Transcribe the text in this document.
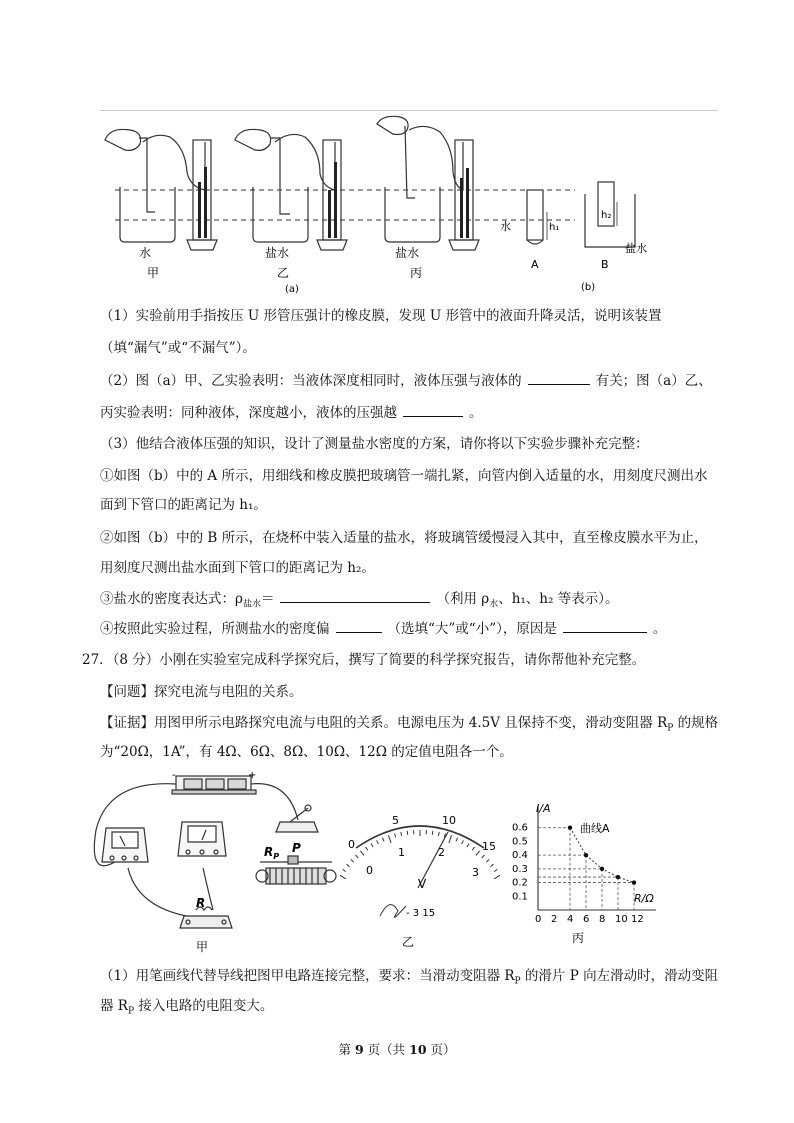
水	盐水	盐水
甲	乙	丙
(a)
水	h₁
h₂
盐水
A	B
(b)
（1）实验前用手指按压 U 形管压强计的橡皮膜，发现 U 形管中的液面升降灵活，说明该装置
（填“漏气”或“不漏气”）。
（2）图（a）甲、乙实验表明：当液体深度相同时，液体压强与液体的	有关；图（a）乙、
丙实验表明：同种液体，深度越小，液体的压强越	。
（3）他结合液体压强的知识，设计了测量盐水密度的方案，请你将以下实验步骤补充完整：
①如图（b）中的 A 所示，用细线和橡皮膜把玻璃管一端扎紧，向管内倒入适量的水，用刻度尺测出水
面到下管口的距离记为 h₁。
②如图（b）中的 B 所示，在烧杯中装入适量的盐水，将玻璃管缓慢浸入其中，直至橡皮膜水平为止，
用刻度尺测出盐水面到下管口的距离记为 h₂。
③盐水的密度表达式：$\rho_{盐水}=$	（利用 $\rho_水$、h₁、h₂ 等表示）。
④按照此实验过程，所测盐水的密度偏	（选填“大”或“小”），原因是	。
27．（8 分）小刚在实验室完成科学探究后，撰写了简要的科学探究报告，请你帮他补充完整。
【问题】探究电流与电阻的关系。
【证据】用图甲所示电路探究电流与电阻的关系。电源电压为 4.5V 且保持不变，滑动变阻器 $R_P$ 的规格
为“20Ω，1A”，有 4Ω、6Ω、8Ω、10Ω、12Ω 的定值电阻各一个。
-	+
R
$R_P$
P
甲
0
5	10
15
0
1	2
3
V
- 3 15
乙
0 2 4 6 8 10 12
0.1
0.2
0.3
0.4
0.5
0.6
I/A
R/Ω
曲线A
丙
（1）用笔画线代替导线把图甲电路连接完整，要求：当滑动变阻器 $R_P$ 的滑片 P 向左滑动时，滑动变阻
器 $R_P$ 接入电路的电阻变大。
第 9 页（共 10 页）
